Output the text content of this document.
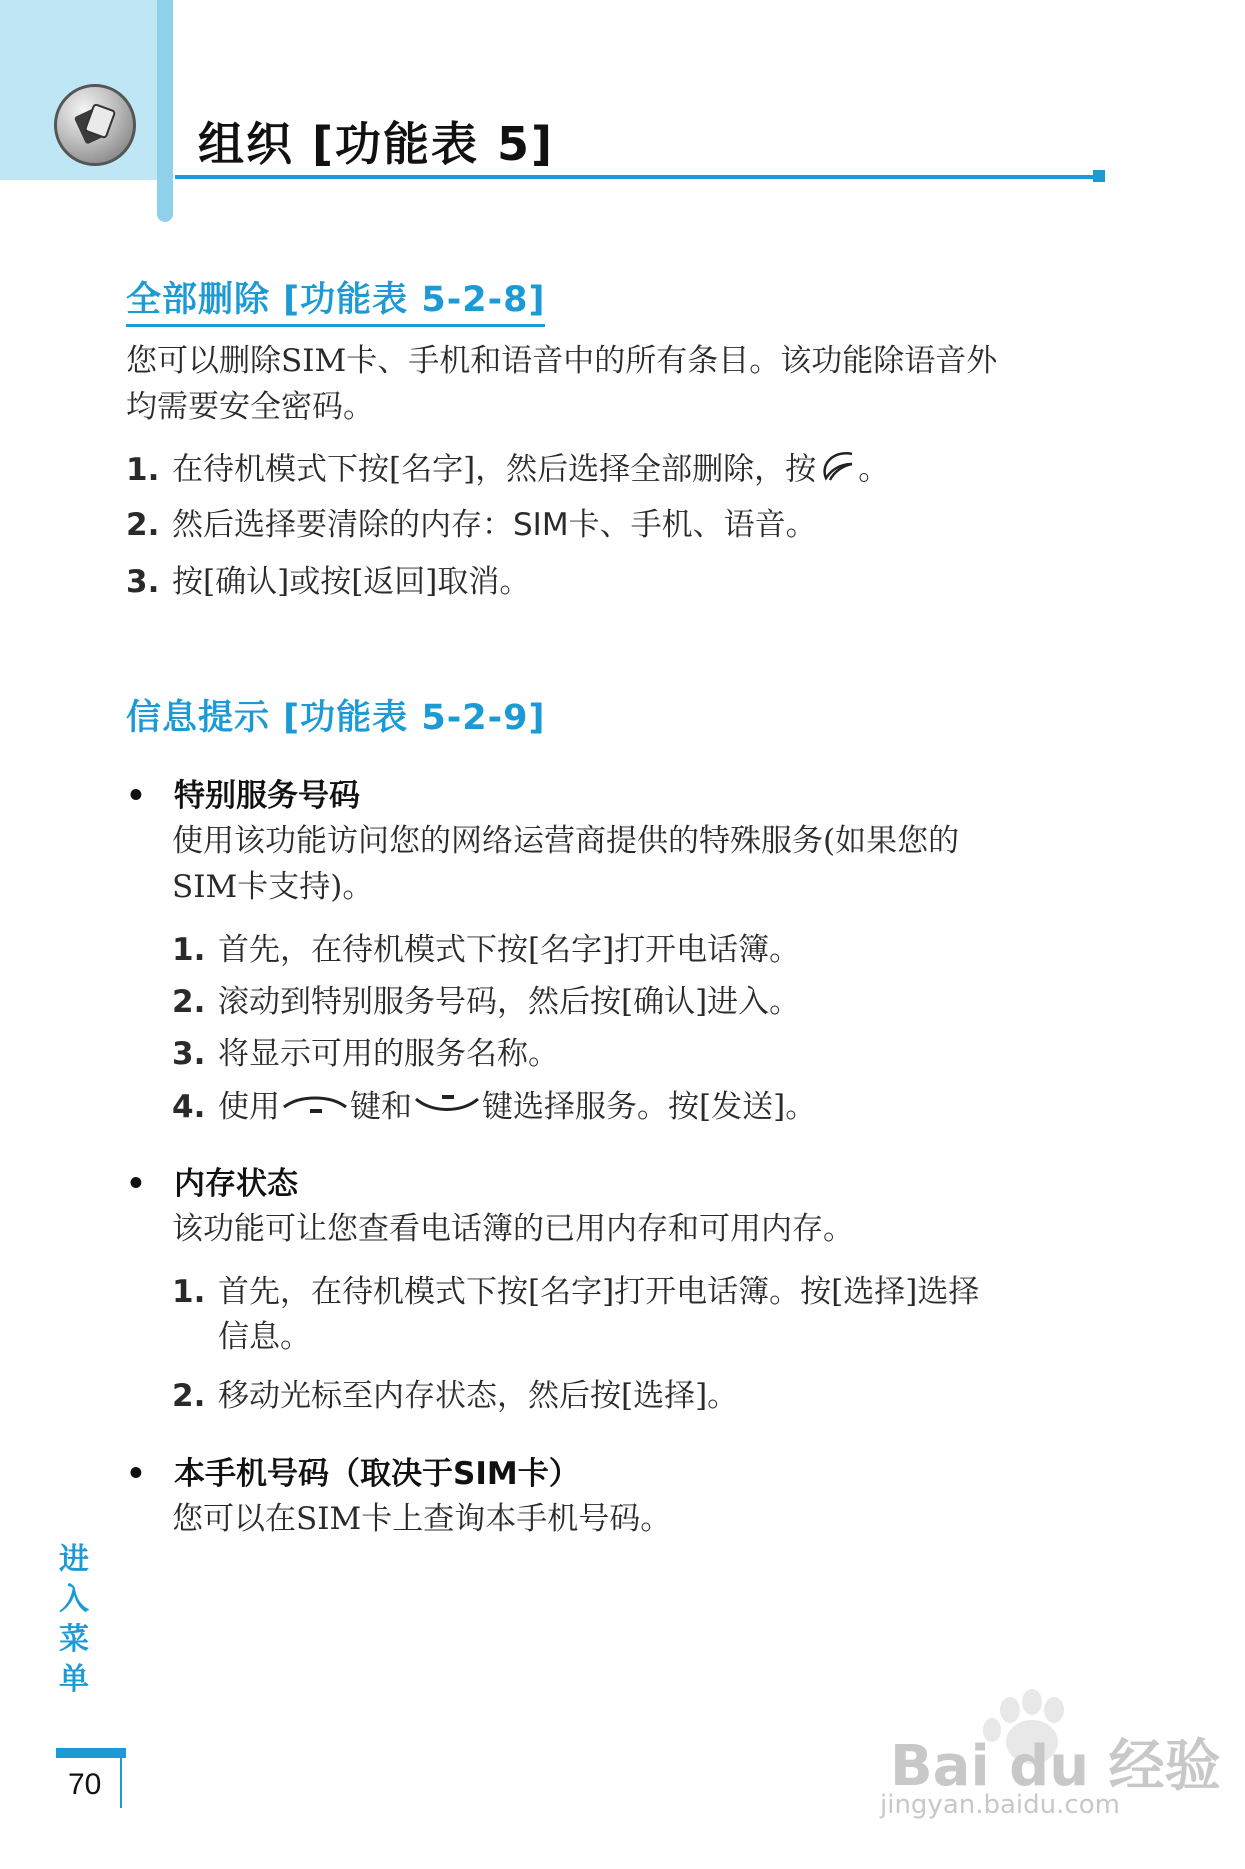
组织 [功能表 5]
全部删除 [功能表 5-2-8]
您可以删除SIM卡、手机和语音中的所有条目。该功能除语音外
均需要安全密码。
1. 在待机模式下按[名字]，然后选择全部删除，按 。
2. 然后选择要清除的内存：SIM卡、手机、语音。
3. 按[确认]或按[返回]取消。
信息提示 [功能表 5-2-9]
• 特别服务号码
使用该功能访问您的网络运营商提供的特殊服务(如果您的
SIM卡支持)。
1. 首先，在待机模式下按[名字]打开电话簿。
2. 滚动到特别服务号码，然后按[确认]进入。
3. 将显示可用的服务名称。
4. 使用 键和 键选择服务。按[发送]。
• 内存状态
该功能可让您查看电话簿的已用内存和可用内存。
1. 首先，在待机模式下按[名字]打开电话簿。按[选择]选择
信息。
2. 移动光标至内存状态，然后按[选择]。
• 本手机号码（取决于SIM卡）
您可以在SIM卡上查询本手机号码。
进
入
菜
单
70	Bai du 经验
jingyan.baidu.com
